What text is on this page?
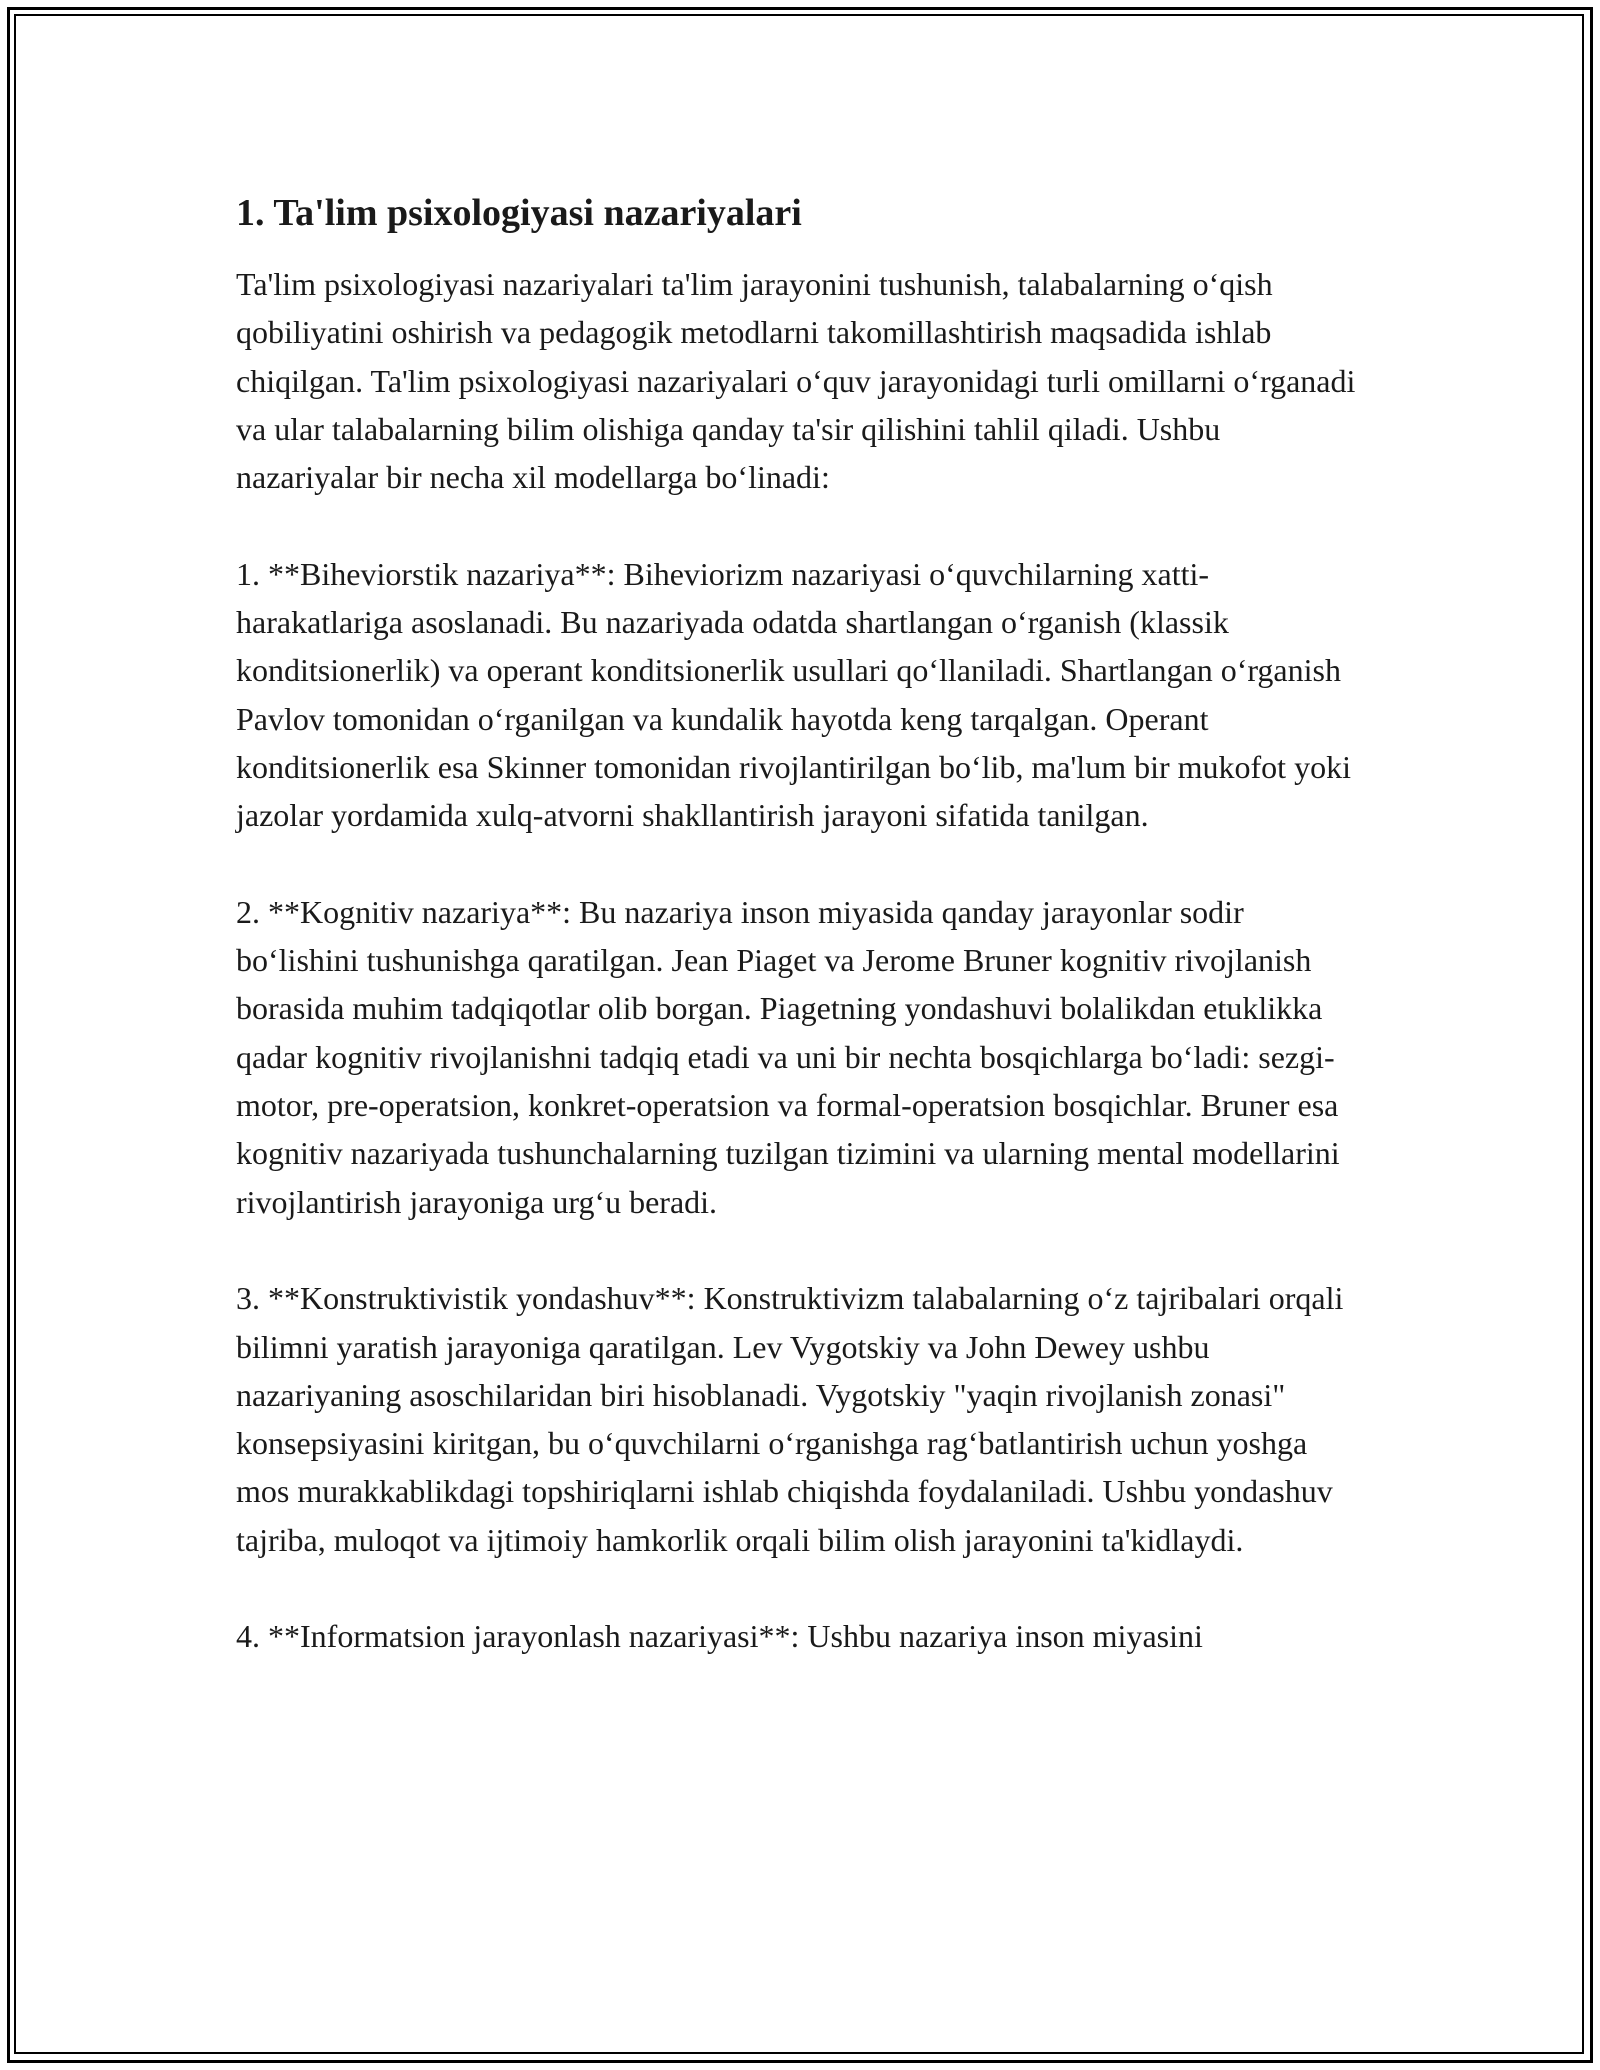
1. Ta'lim psixologiyasi nazariyalari

Ta'lim psixologiyasi nazariyalari ta'lim jarayonini tushunish, talabalarning o‘qish qobiliyatini oshirish va pedagogik metodlarni takomillashtirish maqsadida ishlab chiqilgan. Ta'lim psixologiyasi nazariyalari o‘quv jarayonidagi turli omillarni o‘rganadi va ular talabalarning bilim olishiga qanday ta'sir qilishini tahlil qiladi. Ushbu nazariyalar bir necha xil modellarga bo‘linadi:

1. **Biheviorstik nazariya**: Biheviorizm nazariyasi o‘quvchilarning xatti-harakatlariga asoslanadi. Bu nazariyada odatda shartlangan o‘rganish (klassik konditsionerlik) va operant konditsionerlik usullari qo‘llaniladi. Shartlangan o‘rganish Pavlov tomonidan o‘rganilgan va kundalik hayotda keng tarqalgan. Operant konditsionerlik esa Skinner tomonidan rivojlantirilgan bo‘lib, ma'lum bir mukofot yoki jazolar yordamida xulq-atvorni shakllantirish jarayoni sifatida tanilgan.

2. **Kognitiv nazariya**: Bu nazariya inson miyasida qanday jarayonlar sodir bo‘lishini tushunishga qaratilgan. Jean Piaget va Jerome Bruner kognitiv rivojlanish borasida muhim tadqiqotlar olib borgan. Piagetning yondashuvi bolalikdan etuklikka qadar kognitiv rivojlanishni tadqiq etadi va uni bir nechta bosqichlarga bo‘ladi: sezgi-motor, pre-operatsion, konkret-operatsion va formal-operatsion bosqichlar. Bruner esa kognitiv nazariyada tushunchalarning tuzilgan tizimini va ularning mental modellarini rivojlantirish jarayoniga urg‘u beradi.

3. **Konstruktivistik yondashuv**: Konstruktivizm talabalarning o‘z tajribalari orqali bilimni yaratish jarayoniga qaratilgan. Lev Vygotskiy va John Dewey ushbu nazariyaning asoschilaridan biri hisoblanadi. Vygotskiy "yaqin rivojlanish zonasi" konsepsiyasini kiritgan, bu o‘quvchilarni o‘rganishga rag‘batlantirish uchun yoshga mos murakkablikdagi topshiriqlarni ishlab chiqishda foydalaniladi. Ushbu yondashuv tajriba, muloqot va ijtimoiy hamkorlik orqali bilim olish jarayonini ta'kidlaydi.

4. **Informatsion jarayonlash nazariyasi**: Ushbu nazariya inson miyasini
